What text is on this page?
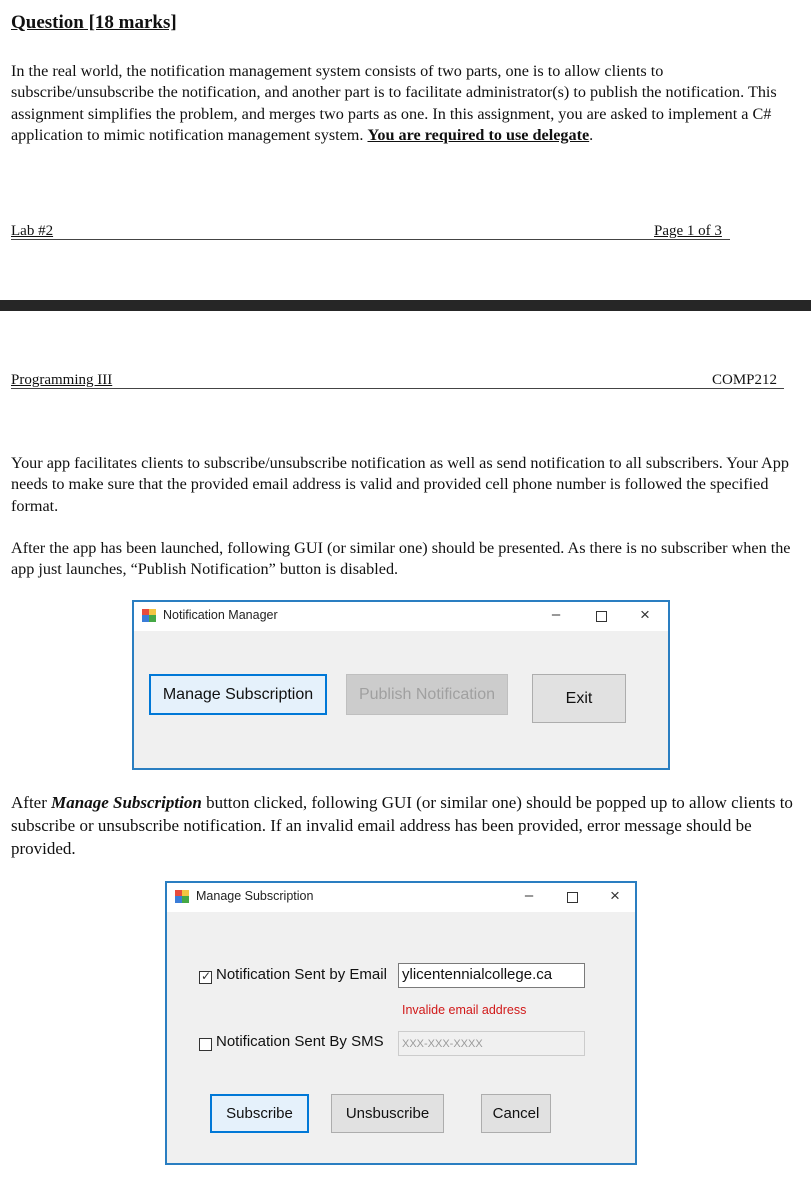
Question [18 marks]
In the real world, the notification management system consists of two parts, one is to allow clients to subscribe/unsubscribe the notification, and another part is to facilitate administrator(s) to publish the notification. This assignment simplifies the problem, and merges two parts as one. In this assignment, you are asked to implement a C# application to mimic notification management system. You are required to use delegate.
Lab #2	Page 1 of 3
Programming III	COMP212
Your app facilitates clients to subscribe/unsubscribe notification as well as send notification to all subscribers. Your App needs to make sure that the provided email address is valid and provided cell phone number is followed the specified format.
After the app has been launched, following GUI (or similar one) should be presented. As there is no subscriber when the app just launches, “Publish Notification” button is disabled.
Notification Manager	–	×
Manage Subscription	Publish Notification	Exit
After Manage Subscription button clicked, following GUI (or similar one) should be popped up to allow clients to subscribe or unsubscribe notification. If an invalid email address has been provided, error message should be provided.
Manage Subscription	–	×
✓ Notification Sent by Email ylicentennialcollege.ca
Invalide email address
Notification Sent By SMS	XXX-XXX-XXXX
Subscribe	Unsbuscribe	Cancel
